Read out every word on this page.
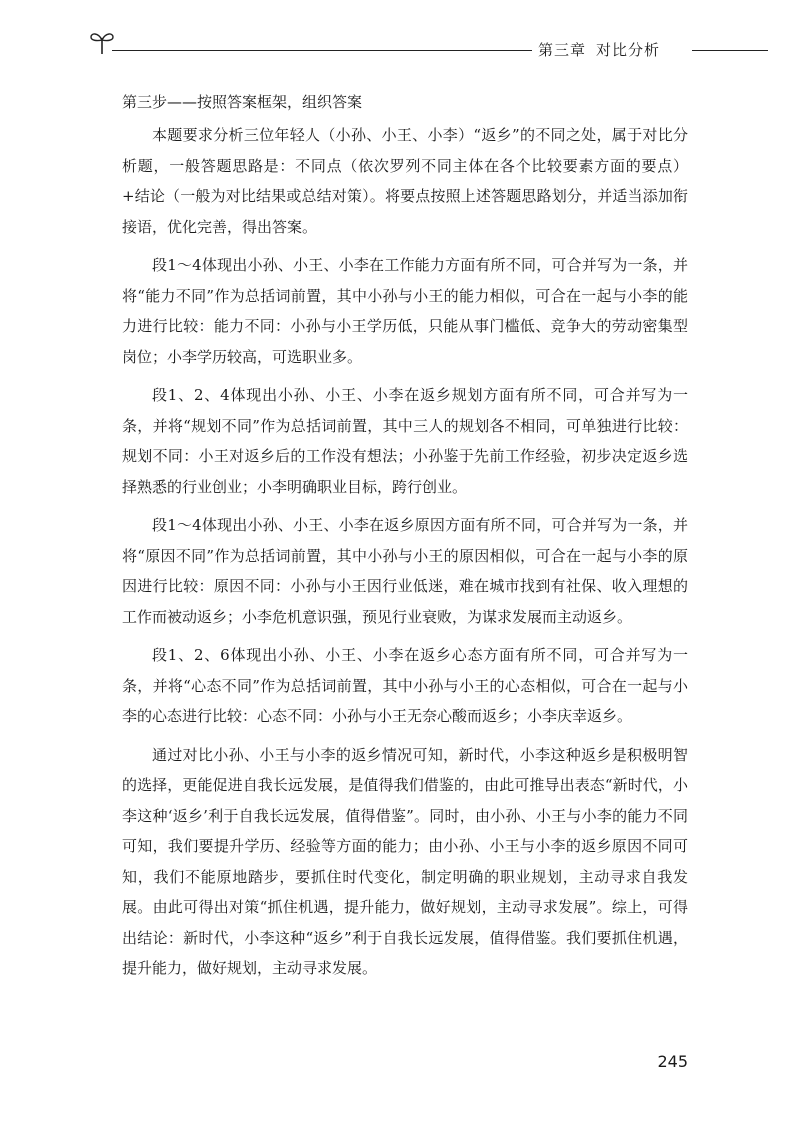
第三章 对比分析
第三步——按照答案框架，组织答案

本题要求分析三位年轻人（小孙、小王、小李）“返乡”的不同之处，属于对比分析题，一般答题思路是：不同点（依次罗列不同主体在各个比较要素方面的要点）+结论（一般为对比结果或总结对策）。将要点按照上述答题思路划分，并适当添加衔接语，优化完善，得出答案。

段1～4体现出小孙、小王、小李在工作能力方面有所不同，可合并写为一条，并将“能力不同”作为总括词前置，其中小孙与小王的能力相似，可合在一起与小李的能力进行比较：能力不同：小孙与小王学历低，只能从事门槛低、竞争大的劳动密集型岗位；小李学历较高，可选职业多。

段1、2、4体现出小孙、小王、小李在返乡规划方面有所不同，可合并写为一条，并将“规划不同”作为总括词前置，其中三人的规划各不相同，可单独进行比较：规划不同：小王对返乡后的工作没有想法；小孙鉴于先前工作经验，初步决定返乡选择熟悉的行业创业；小李明确职业目标，跨行创业。

段1～4体现出小孙、小王、小李在返乡原因方面有所不同，可合并写为一条，并将“原因不同”作为总括词前置，其中小孙与小王的原因相似，可合在一起与小李的原因进行比较：原因不同：小孙与小王因行业低迷，难在城市找到有社保、收入理想的工作而被动返乡；小李危机意识强，预见行业衰败，为谋求发展而主动返乡。

段1、2、6体现出小孙、小王、小李在返乡心态方面有所不同，可合并写为一条，并将“心态不同”作为总括词前置，其中小孙与小王的心态相似，可合在一起与小李的心态进行比较：心态不同：小孙与小王无奈心酸而返乡；小李庆幸返乡。

通过对比小孙、小王与小李的返乡情况可知，新时代，小李这种返乡是积极明智的选择，更能促进自我长远发展，是值得我们借鉴的，由此可推导出表态“新时代，小李这种‘返乡’利于自我长远发展，值得借鉴”。同时，由小孙、小王与小李的能力不同可知，我们要提升学历、经验等方面的能力；由小孙、小王与小李的返乡原因不同可知，我们不能原地踏步，要抓住时代变化，制定明确的职业规划，主动寻求自我发展。由此可得出对策“抓住机遇，提升能力，做好规划，主动寻求发展”。综上，可得出结论：新时代，小李这种“返乡”利于自我长远发展，值得借鉴。我们要抓住机遇，提升能力，做好规划，主动寻求发展。

245
